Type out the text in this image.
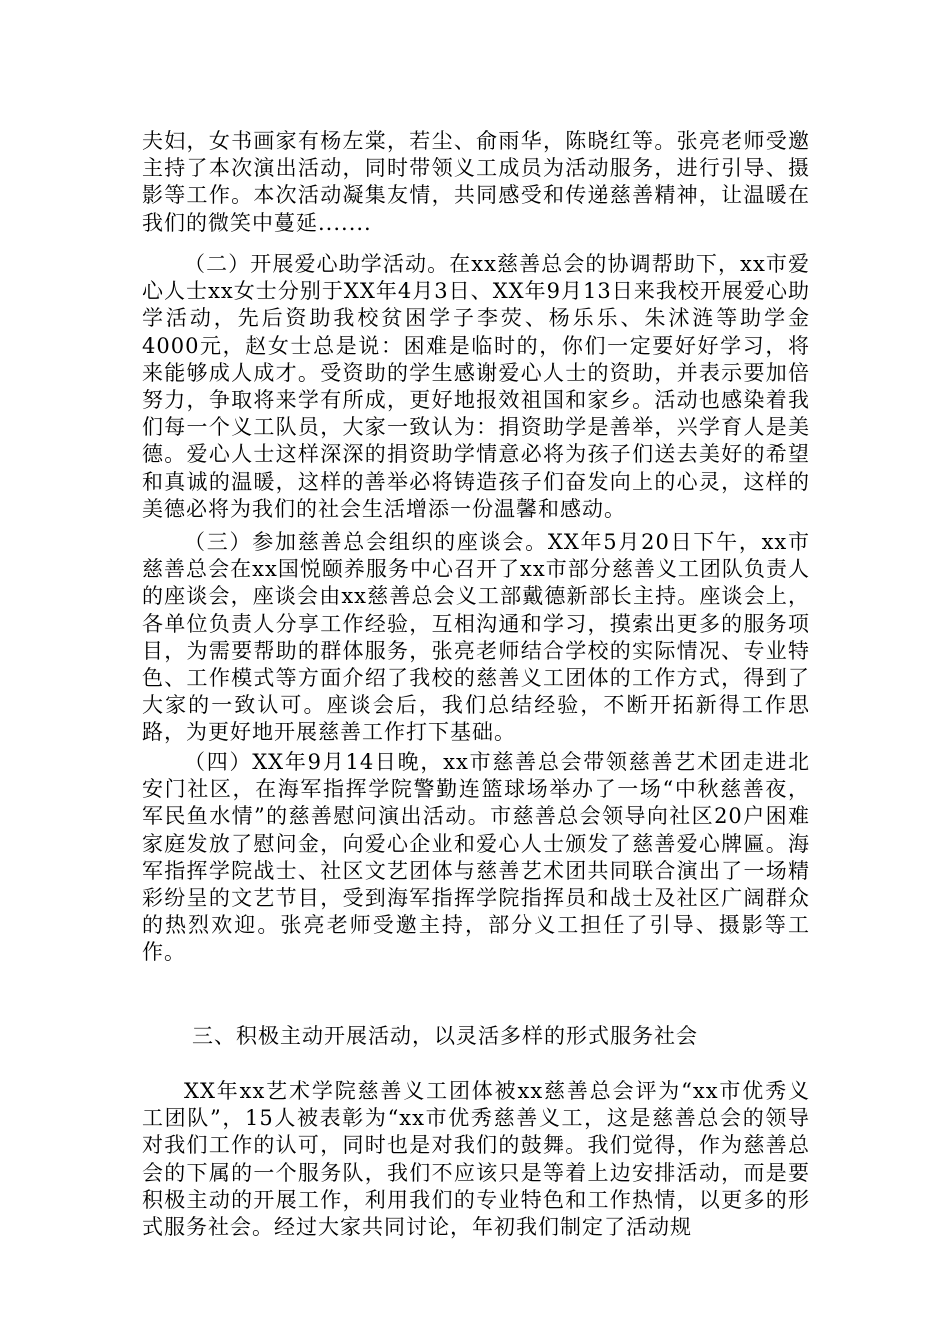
夫妇，女书画家有杨左棠，若尘、俞雨华，陈晓红等。张亮老师受邀主持了本次演出活动，同时带领义工成员为活动服务，进行引导、摄影等工作。本次活动凝集友情，共同感受和传递慈善精神，让温暖在我们的微笑中蔓延.......

（二）开展爱心助学活动。在xx慈善总会的协调帮助下，xx市爱心人士xx女士分别于XX年4月3日、XX年9月13日来我校开展爱心助学活动，先后资助我校贫困学子李荧、杨乐乐、朱沭涟等助学金4000元，赵女士总是说：困难是临时的，你们一定要好好学习，将来能够成人成才。受资助的学生感谢爱心人士的资助，并表示要加倍努力，争取将来学有所成，更好地报效祖国和家乡。活动也感染着我们每一个义工队员，大家一致认为：捐资助学是善举，兴学育人是美德。爱心人士这样深深的捐资助学情意必将为孩子们送去美好的希望和真诚的温暖，这样的善举必将铸造孩子们奋发向上的心灵，这样的美德必将为我们的社会生活增添一份温馨和感动。

（三）参加慈善总会组织的座谈会。XX年5月20日下午，xx市慈善总会在xx国悦颐养服务中心召开了xx市部分慈善义工团队负责人的座谈会，座谈会由xx慈善总会义工部戴德新部长主持。座谈会上，各单位负责人分享工作经验，互相沟通和学习，摸索出更多的服务项目，为需要帮助的群体服务，张亮老师结合学校的实际情况、专业特色、工作模式等方面介绍了我校的慈善义工团体的工作方式，得到了大家的一致认可。座谈会后，我们总结经验，不断开拓新得工作思路，为更好地开展慈善工作打下基础。

（四）XX年9月14日晚，xx市慈善总会带领慈善艺术团走进北安门社区，在海军指挥学院警勤连篮球场举办了一场“中秋慈善夜，军民鱼水情”的慈善慰问演出活动。市慈善总会领导向社区20户困难家庭发放了慰问金，向爱心企业和爱心人士颁发了慈善爱心牌匾。海军指挥学院战士、社区文艺团体与慈善艺术团共同联合演出了一场精彩纷呈的文艺节目，受到海军指挥学院指挥员和战士及社区广阔群众的热烈欢迎。张亮老师受邀主持，部分义工担任了引导、摄影等工作。

三、积极主动开展活动，以灵活多样的形式服务社会

XX年xx艺术学院慈善义工团体被xx慈善总会评为“xx市优秀义工团队”，15人被表彰为“xx市优秀慈善义工，这是慈善总会的领导对我们工作的认可，同时也是对我们的鼓舞。我们觉得，作为慈善总会的下属的一个服务队，我们不应该只是等着上边安排活动，而是要积极主动的开展工作，利用我们的专业特色和工作热情，以更多的形式服务社会。经过大家共同讨论，年初我们制定了活动规
